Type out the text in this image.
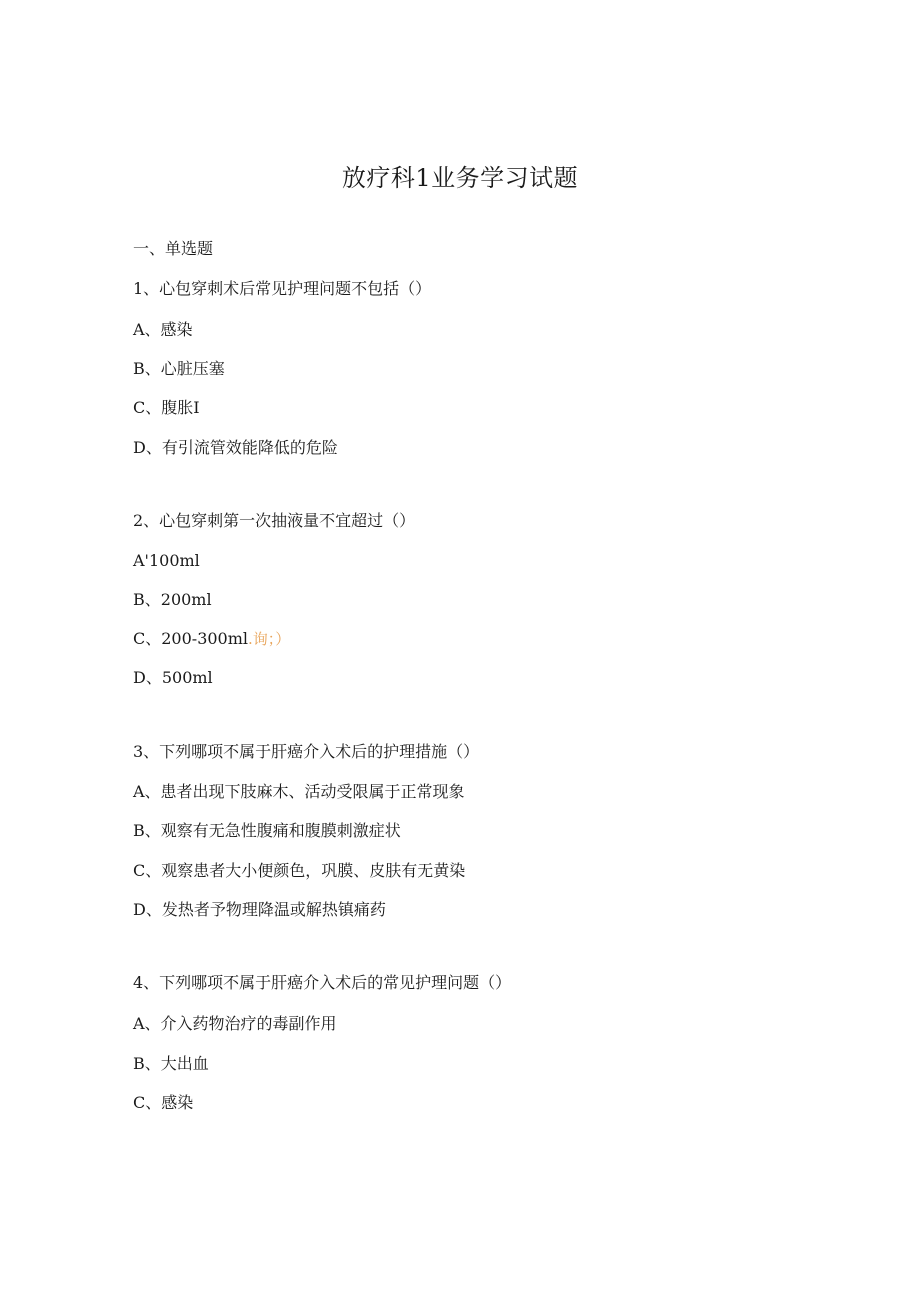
放疗科1业务学习试题
一、单选题
1、心包穿刺术后常见护理问题不包括（）
A、感染
B、心脏压塞
C、腹胀I
D、有引流管效能降低的危险
2、心包穿刺第一次抽液量不宜超过（）
A'100ml
B、200ml
C、200-300ml.询；）
D、500ml
3、下列哪项不属于肝癌介入术后的护理措施（）
A、患者出现下肢麻木、活动受限属于正常现象
B、观察有无急性腹痛和腹膜刺激症状
C、观察患者大小便颜色，巩膜、皮肤有无黄染
D、发热者予物理降温或解热镇痛药
4、下列哪项不属于肝癌介入术后的常见护理问题（）
A、介入药物治疗的毒副作用
B、大出血
C、感染
